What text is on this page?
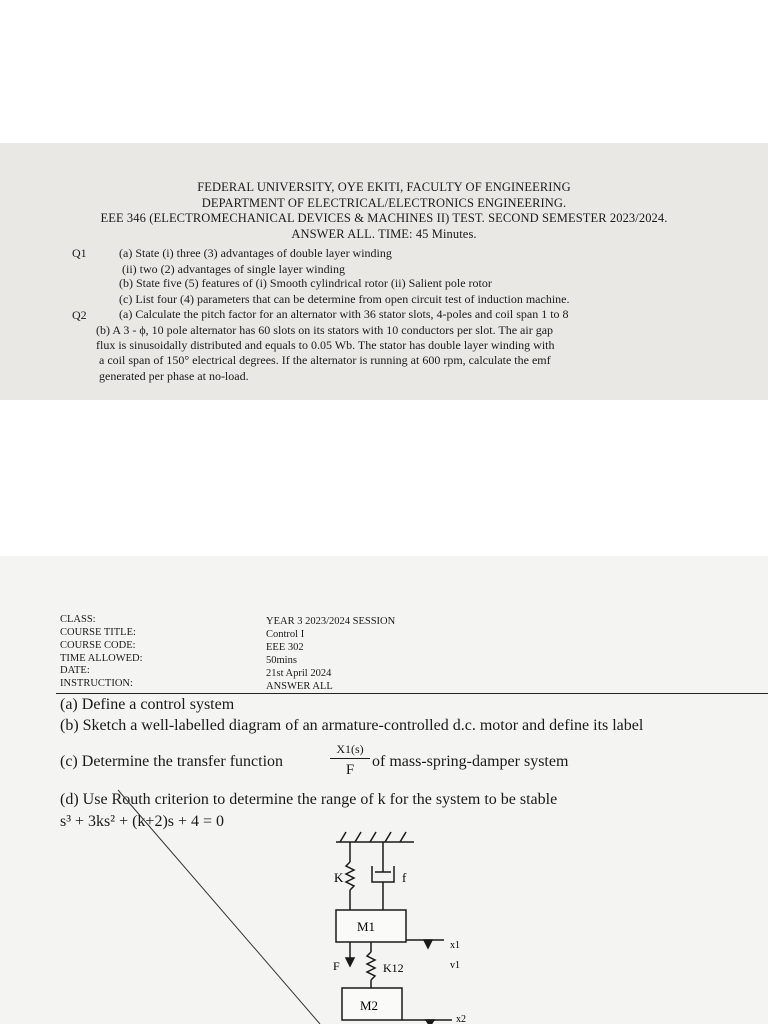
FEDERAL UNIVERSITY, OYE EKITI, FACULTY OF ENGINEERING
DEPARTMENT OF ELECTRICAL/ELECTRONICS ENGINEERING.
EEE 346 (ELECTROMECHANICAL DEVICES & MACHINES II) TEST. SECOND SEMESTER 2023/2024.
ANSWER ALL. TIME: 45 Minutes.
Q1	(a) State (i) three (3) advantages of double layer winding
(ii) two (2) advantages of single layer winding
(b) State five (5) features of (i) Smooth cylindrical rotor (ii) Salient pole rotor
(c) List four (4) parameters that can be determine from open circuit test of induction machine.
Q2	(a) Calculate the pitch factor for an alternator with 36 stator slots, 4-poles and coil span 1 to 8
(b) A 3 - ϕ, 10 pole alternator has 60 slots on its stators with 10 conductors per slot. The air gap
flux is sinusoidally distributed and equals to 0.05 Wb. The stator has double layer winding with
a coil span of 150° electrical degrees. If the alternator is running at 600 rpm, calculate the emf
generated per phase at no-load.
CLASS:	YEAR 3 2023/2024 SESSION
COURSE TITLE:	Control I
COURSE CODE:	EEE 302
TIME ALLOWED:	50mins
DATE:	21st April 2024
INSTRUCTION:	ANSWER ALL
(a) Define a control system
(b) Sketch a well-labelled diagram of an armature-controlled d.c. motor and define its label
(c) Determine the transfer function
X1(s)
F	of mass-spring-damper system
(d) Use Routh criterion to determine the range of k for the system to be stable
s³ + 3ks² + (k+2)s + 4 = 0
K	f
M1
F	K12
M2
x1
v1
x2
